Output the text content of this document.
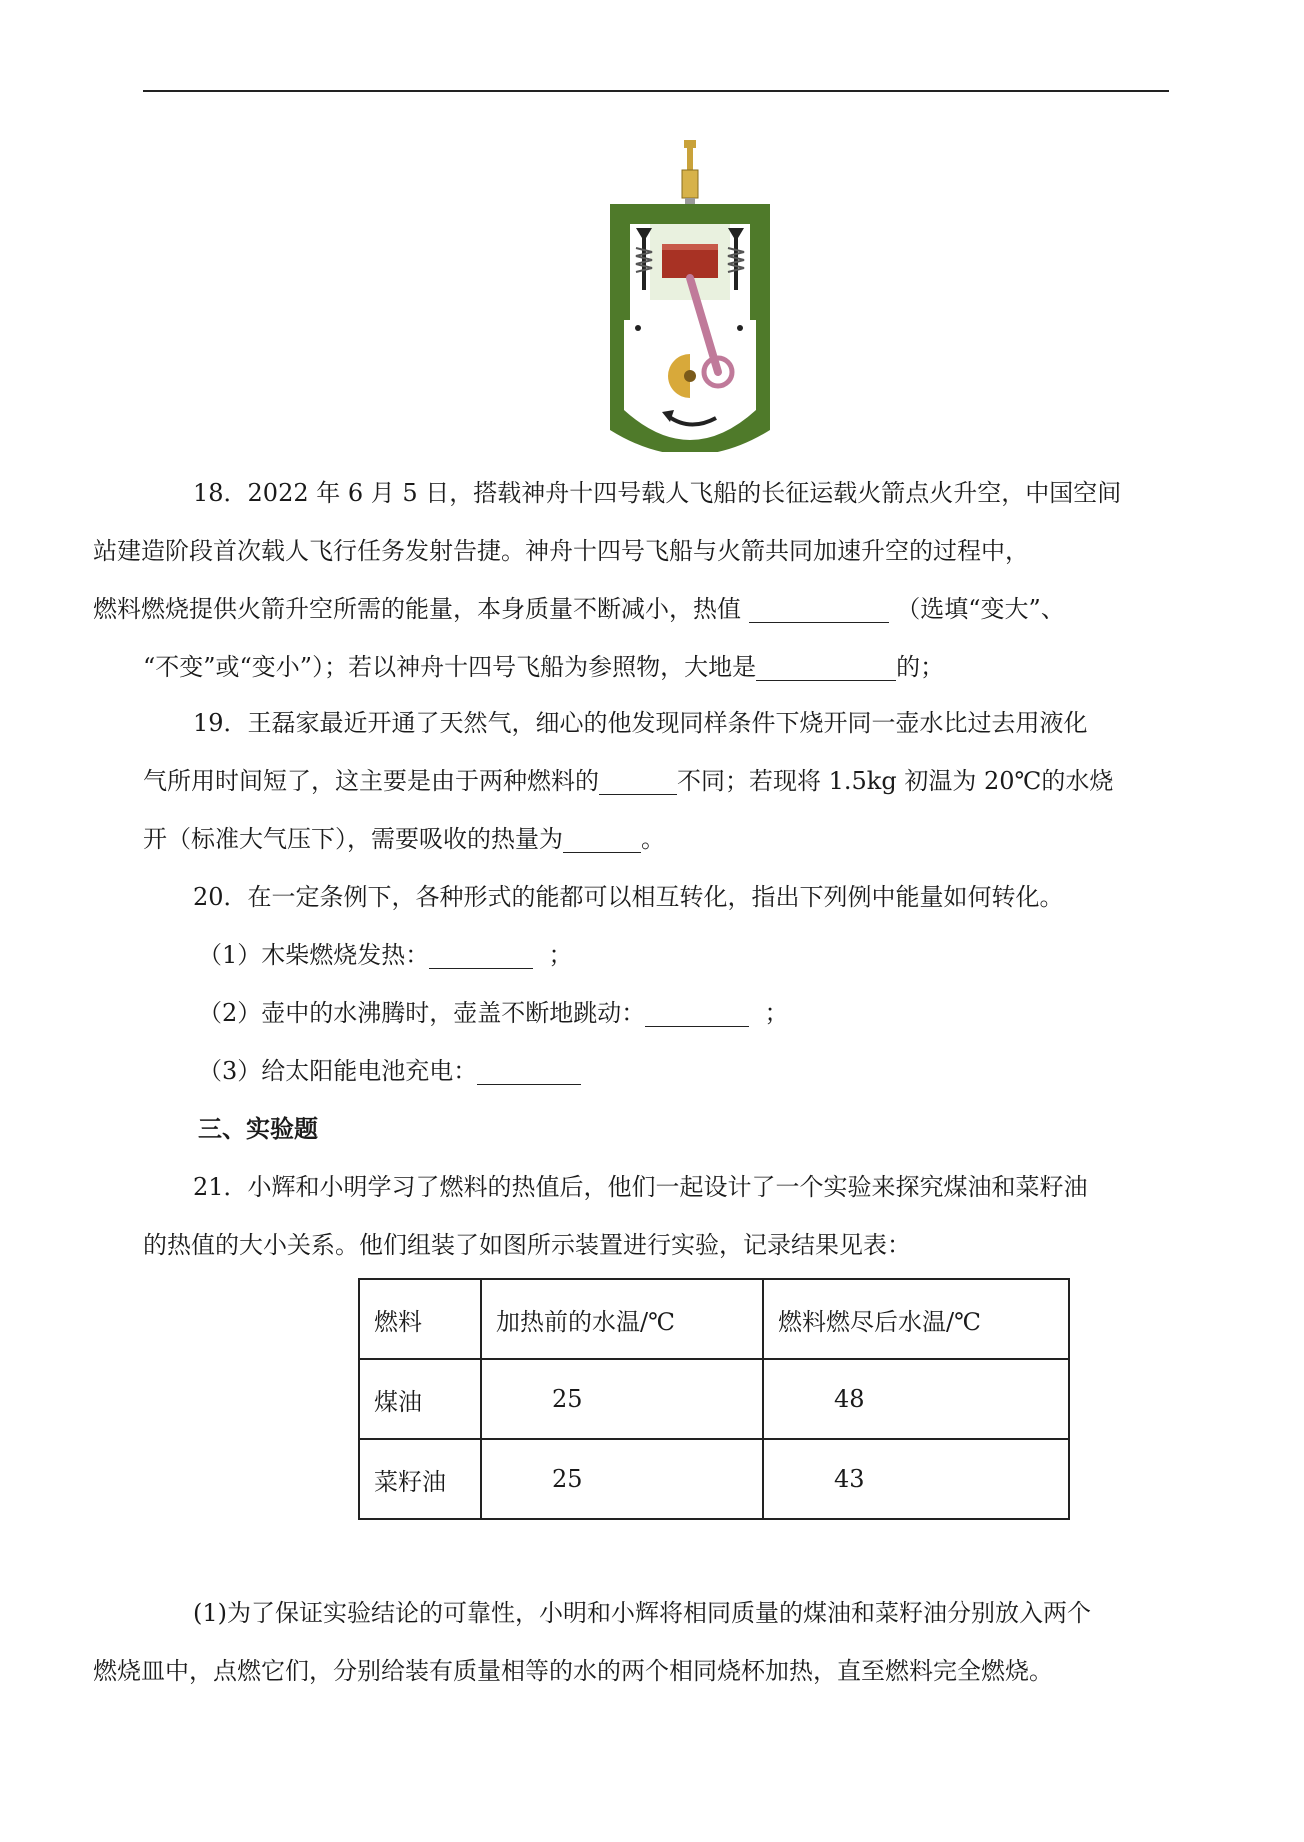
18．2022 年 6 月 5 日，搭载神舟十四号载人飞船的长征运载火箭点火升空，中国空间
站建造阶段首次载人飞行任务发射告捷。神舟十四号飞船与火箭共同加速升空的过程中，
燃料燃烧提供火箭升空所需的能量，本身质量不断减小，热值	（选填“变大”、
“不变”或“变小”）；若以神舟十四号飞船为参照物，大地是	的；

19．王磊家最近开通了天然气，细心的他发现同样条件下烧开同一壶水比过去用液化
气所用时间短了，这主要是由于两种燃料的	不同；若现将 1.5kg 初温为 20℃的水烧
开（标准大气压下），需要吸收的热量为	。

20．在一定条例下，各种形式的能都可以相互转化，指出下列例中能量如何转化。

（1）木柴燃烧发热：	；

（2）壶中的水沸腾时，壶盖不断地跳动：	；

（3）给太阳能电池充电：

三、实验题

21．小辉和小明学习了燃料的热值后，他们一起设计了一个实验来探究煤油和菜籽油
的热值的大小关系。他们组装了如图所示装置进行实验，记录结果见表：

燃料	加热前的水温/℃	燃料燃尽后水温/℃
煤油	25	48
菜籽油	25	43

(1)为了保证实验结论的可靠性，小明和小辉将相同质量的煤油和菜籽油分别放入两个
燃烧皿中，点燃它们，分别给装有质量相等的水的两个相同烧杯加热，直至燃料完全燃烧。
